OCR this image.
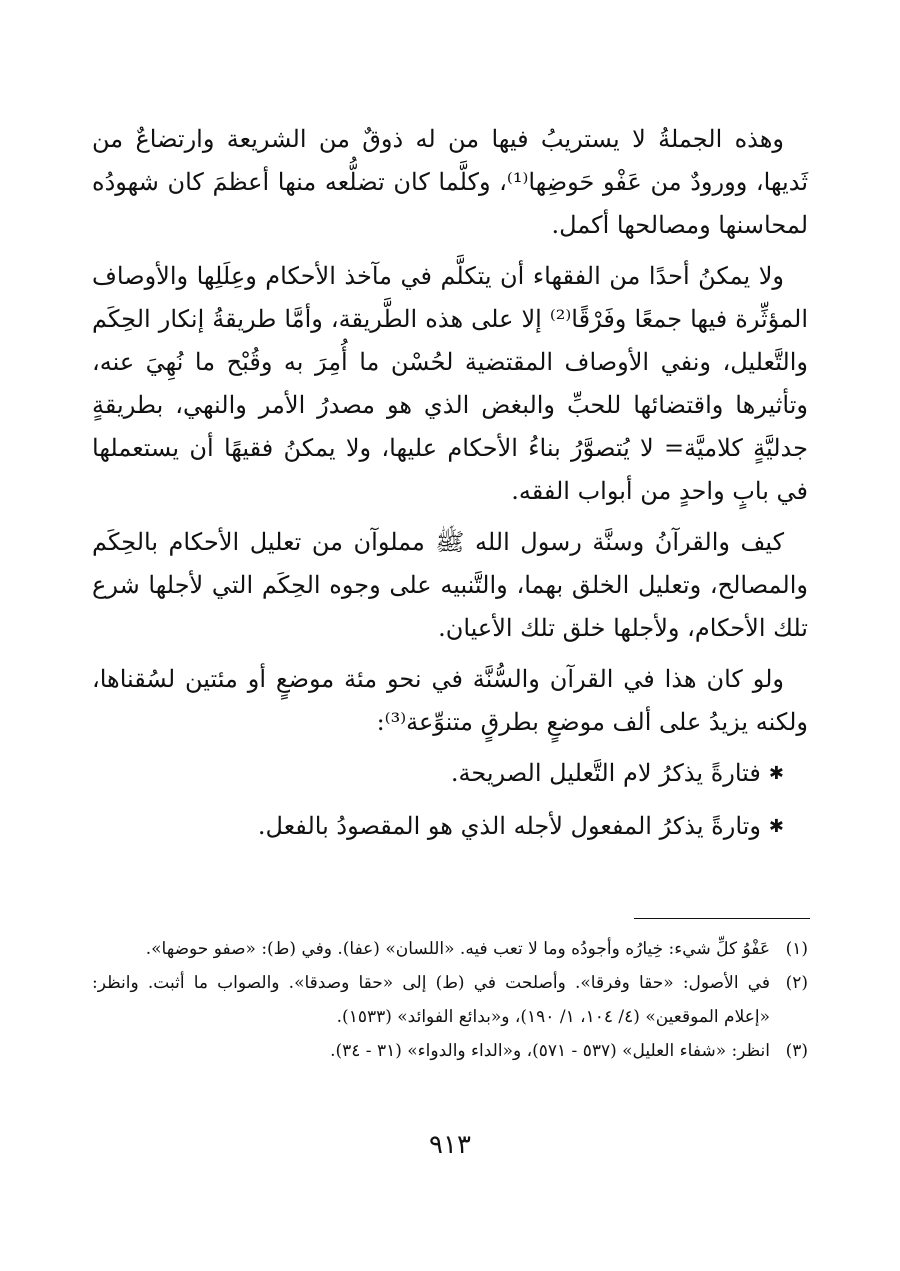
وهذه الجملةُ لا يستريبُ فيها من له ذوقٌ من الشريعة وارتضاعٌ من ثَديها، وورودٌ من عَفْو حَوضِها⁽¹⁾، وكلَّما كان تضلُّعه منها أعظمَ كان شهودُه لمحاسنها ومصالحها أكمل.

ولا يمكنُ أحدًا من الفقهاء أن يتكلَّم في مآخذ الأحكام وعِلَلِها والأوصاف المؤثِّرة فيها جمعًا وفَرْقًا⁽²⁾ إلا على هذه الطَّريقة، وأمَّا طريقةُ إنكار الحِكَم والتَّعليل، ونفي الأوصاف المقتضية لحُسْن ما أُمِرَ به وقُبْح ما نُهِيَ عنه، وتأثيرها واقتضائها للحبِّ والبغض الذي هو مصدرُ الأمر والنهي، بطريقةٍ جدليَّةٍ كلاميَّة= لا يُتصوَّرُ بناءُ الأحكام عليها، ولا يمكنُ فقيهًا أن يستعملها في بابٍ واحدٍ من أبواب الفقه.

كيف والقرآنُ وسنَّة رسول الله ﷺ مملوآن من تعليل الأحكام بالحِكَم والمصالح، وتعليل الخلق بهما، والتَّنبيه على وجوه الحِكَم التي لأجلها شرع تلك الأحكام، ولأجلها خلق تلك الأعيان.

ولو كان هذا في القرآن والسُّنَّة في نحو مئة موضعٍ أو مئتين لسُقناها، ولكنه يزيدُ على ألف موضعٍ بطرقٍ متنوِّعة⁽³⁾:

✱فتارةً يذكرُ لام التَّعليل الصريحة.
✱وتارةً يذكرُ المفعول لأجله الذي هو المقصودُ بالفعل.
(١)
عَفْوُ كلِّ شيء: خِيارُه وأجودُه وما لا تعب فيه. «اللسان» (عفا). وفي (ط): «صفو حوضها».
(٢)
في الأصول: «حقا وفرقا». وأصلحت في (ط) إلى «حقا وصدقا». والصواب ما أثبت. وانظر: «إعلام الموقعين» (٤/ ١٠٤، ١/ ١٩٠)، و«بدائع الفوائد» (١٥٣٣).
(٣)
انظر: «شفاء العليل» (٥٣٧ - ٥٧١)، و«الداء والدواء» (٣١ - ٣٤).
٩١٣
